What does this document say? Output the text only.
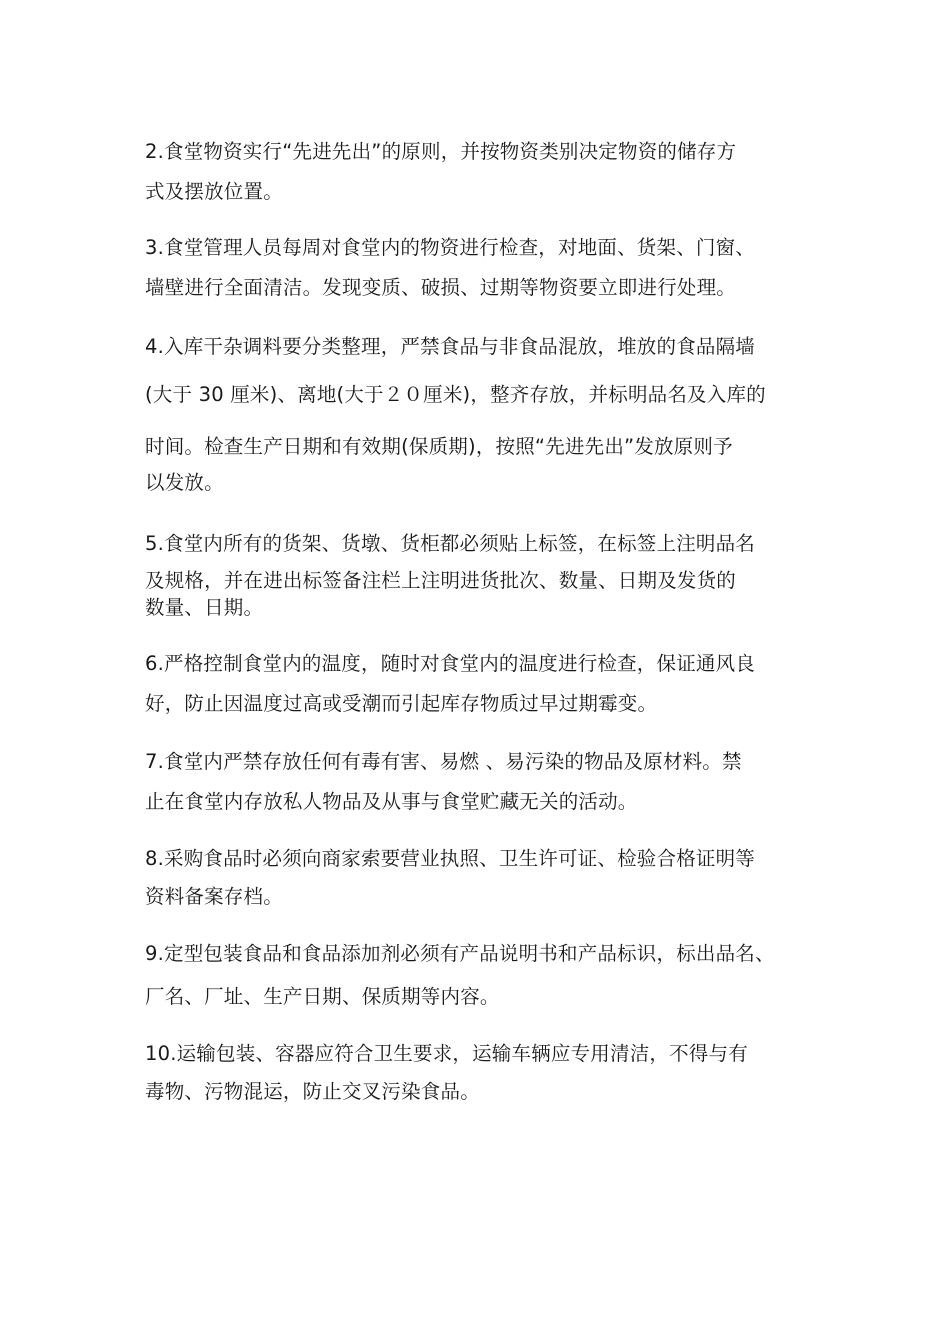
2.食堂物资实行“先进先出”的原则，并按物资类别决定物资的储存方
式及摆放位置。

3.食堂管理人员每周对食堂内的物资进行检查，对地面、货架、门窗、
墙壁进行全面清洁。发现变质、破损、过期等物资要立即进行处理。

4.入库干杂调料要分类整理，严禁食品与非食品混放，堆放的食品隔墙
(大于 30 厘米)、离地(大于２０厘米)，整齐存放，并标明品名及入库的
时间。检查生产日期和有效期(保质期)，按照“先进先出”发放原则予
以发放。

5.食堂内所有的货架、货墩、货柜都必须贴上标签，在标签上注明品名
及规格，并在进出标签备注栏上注明进货批次、数量、日期及发货的
数量、日期。

6.严格控制食堂内的温度，随时对食堂内的温度进行检查，保证通风良
好，防止因温度过高或受潮而引起库存物质过早过期霉变。

7.食堂内严禁存放任何有毒有害、易燃 、易污染的物品及原材料。禁
止在食堂内存放私人物品及从事与食堂贮藏无关的活动。

8.采购食品时必须向商家索要营业执照、卫生许可证、检验合格证明等
资料备案存档。

9.定型包装食品和食品添加剂必须有产品说明书和产品标识，标出品名、
厂名、厂址、生产日期、保质期等内容。

10.运输包装、容器应符合卫生要求，运输车辆应专用清洁，不得与有
毒物、污物混运，防止交叉污染食品。
